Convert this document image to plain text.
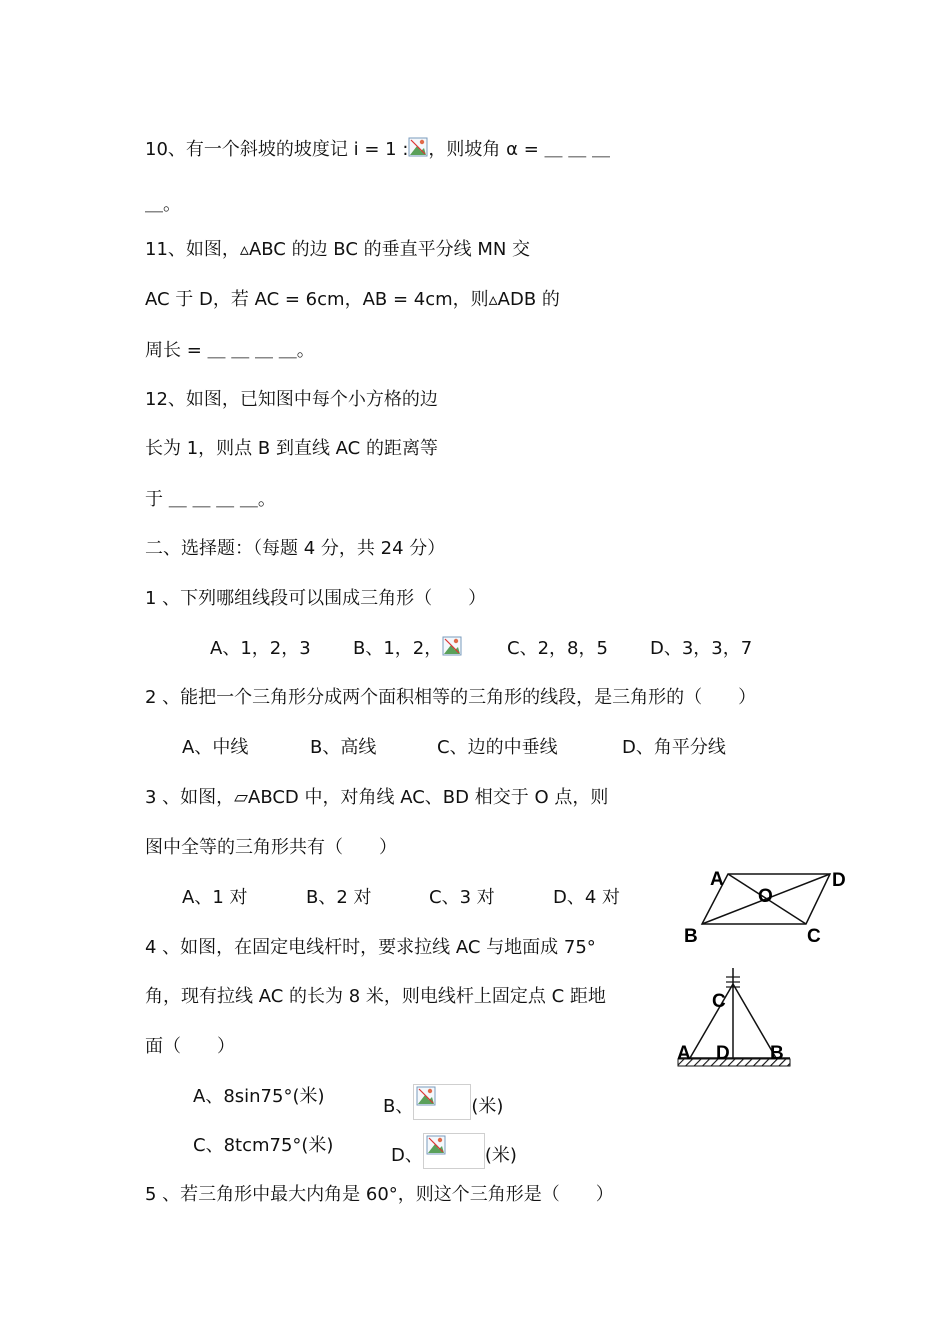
10、有一个斜坡的坡度记 i = 1 : ，则坡角 α = ＿ ＿ ＿
＿。
11、如图，▵ABC 的边 BC 的垂直平分线 MN 交
AC 于 D，若 AC = 6cm，AB = 4cm，则▵ADB 的
周长 = ＿ ＿ ＿ ＿。
12、如图，已知图中每个小方格的边
长为 1，则点 B 到直线 AC 的距离等
于 ＿ ＿ ＿ ＿。
二、选择题：（每题 4 分，共 24 分）
1 、下列哪组线段可以围成三角形（　　）
A、1，2，3 B、1，2，	C、2，8，5 D、3，3，7
2 、能把一个三角形分成两个面积相等的三角形的线段，是三角形的（　　）
A、中线	B、高线	C、边的中垂线	D、角平分线
3 、如图，▱ABCD 中，对角线 AC、BD 相交于 O 点，则
图中全等的三角形共有（　　）
A、1 对	B、2 对	C、3 对	D、4 对
A	D
O
B	C
4 、如图，在固定电线杆时，要求拉线 AC 与地面成 75°
角，现有拉线 AC 的长为 8 米，则电线杆上固定点 C 距地
面（　　）
A、8sin75°(米)	B、	(米)
C、8tcm75°(米)	D、	(米)
C
A D B
5 、若三角形中最大内角是 60°，则这个三角形是（　　）
